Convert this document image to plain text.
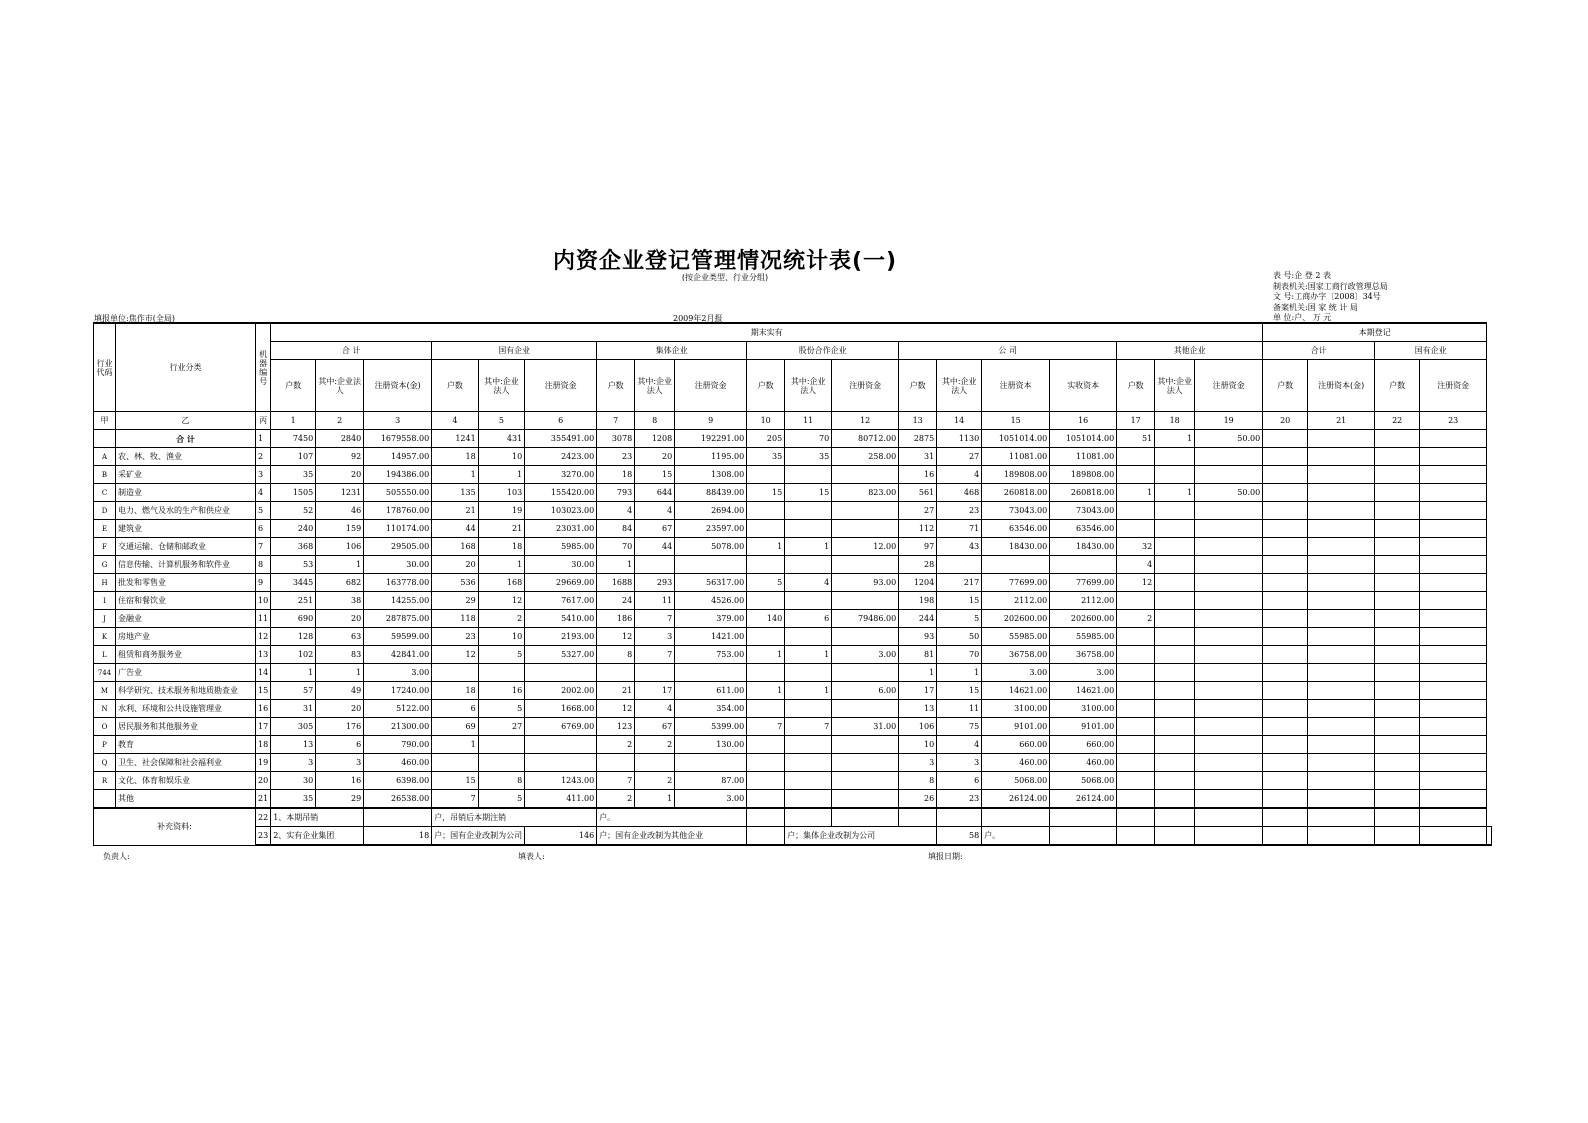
内资企业登记管理情况统计表(一)
(按企业类型、行业分组)	表 号:企 登 2 表
制表机关:国家工商行政管理总局
文 号:工商办字〔2008〕34号
备案机关:国 家 统 计 局
单 位:户、 万 元
填报单位:焦作市(全局)	2009年2月报
行业代码	行业分类	机器编号	期末实有																			本期登记				
			合 计			国有企业			集体企业			股份合作企业			公 司				其他企业			合计		国有企业		
			户数	其中:企业法人	注册资本(金)	户数	其中:企业法人	注册资金	户数	其中:企业法人	注册资金	户数	其中:企业法人	注册资金	户数	其中:企业法人	注册资本	实收资本	户数	其中:企业法人	注册资金	户数	注册资本(金)	户数	注册资金	
甲	乙	丙	1	2	3	4	5	6	7	8	9	10	11	12	13	14	15	16	17	18	19	20	21	22	23	
	合 计	1	7450	2840	1679558.00	1241	431	355491.00	3078	1208	192291.00	205	70	80712.00	2875	1130	1051014.00	1051014.00	51	1	50.00					
A	农、林、牧、渔业	2	107	92	14957.00	18	10	2423.00	23	20	1195.00	35	35	258.00	31	27	11081.00	11081.00								
B	采矿业	3	35	20	194386.00	1	1	3270.00	18	15	1308.00				16	4	189808.00	189808.00								
C	制造业	4	1505	1231	505550.00	135	103	155420.00	793	644	88439.00	15	15	823.00	561	468	260818.00	260818.00	1	1	50.00					
D	电力、燃气及水的生产和供应业	5	52	46	178760.00	21	19	103023.00	4	4	2694.00				27	23	73043.00	73043.00								
E	建筑业	6	240	159	110174.00	44	21	23031.00	84	67	23597.00				112	71	63546.00	63546.00								
F	交通运输、仓储和邮政业	7	368	106	29505.00	168	18	5985.00	70	44	5078.00	1	1	12.00	97	43	18430.00	18430.00	32							
G	信息传输、计算机服务和软件业	8	53	1	30.00	20	1	30.00	1						28				4							
H	批发和零售业	9	3445	682	163778.00	536	168	29669.00	1688	293	56317.00	5	4	93.00	1204	217	77699.00	77699.00	12							
I	住宿和餐饮业	10	251	38	14255.00	29	12	7617.00	24	11	4526.00				198	15	2112.00	2112.00								
J	金融业	11	690	20	287875.00	118	2	5410.00	186	7	379.00	140	6	79486.00	244	5	202600.00	202600.00	2							
K	房地产业	12	128	63	59599.00	23	10	2193.00	12	3	1421.00				93	50	55985.00	55985.00								
L	租赁和商务服务业	13	102	83	42841.00	12	5	5327.00	8	7	753.00	1	1	3.00	81	70	36758.00	36758.00								
744	广告业	14	1	1	3.00										1	1	3.00	3.00								
M	科学研究、技术服务和地质勘查业	15	57	49	17240.00	18	16	2002.00	21	17	611.00	1	1	6.00	17	15	14621.00	14621.00								
N	水利、环境和公共设施管理业	16	31	20	5122.00	6	5	1668.00	12	4	354.00				13	11	3100.00	3100.00								
O	居民服务和其他服务业	17	305	176	21300.00	69	27	6769.00	123	67	5399.00	7	7	31.00	106	75	9101.00	9101.00								
P	教育	18	13	6	790.00	1			2	2	130.00				10	4	660.00	660.00								
Q	卫生、社会保障和社会福利业	19	3	3	460.00										3	3	460.00	460.00								
R	文化、体育和娱乐业	20	30	16	6398.00	15	8	1243.00	7	2	87.00				8	6	5068.00	5068.00								
	其他	21	35	29	26538.00	7	5	411.00	2	1	3.00				26	23	26124.00	26124.00								
补充资料:		22	1、本期吊销			户，吊销后本期注销			户。																	
		23	2、实有企业集团		18	户；国有企业改制为公司		146	户；国有企业改制为其他企业				户；集体企业改制为公司			58	户。									
负责人:	填表人:	填报日期:
